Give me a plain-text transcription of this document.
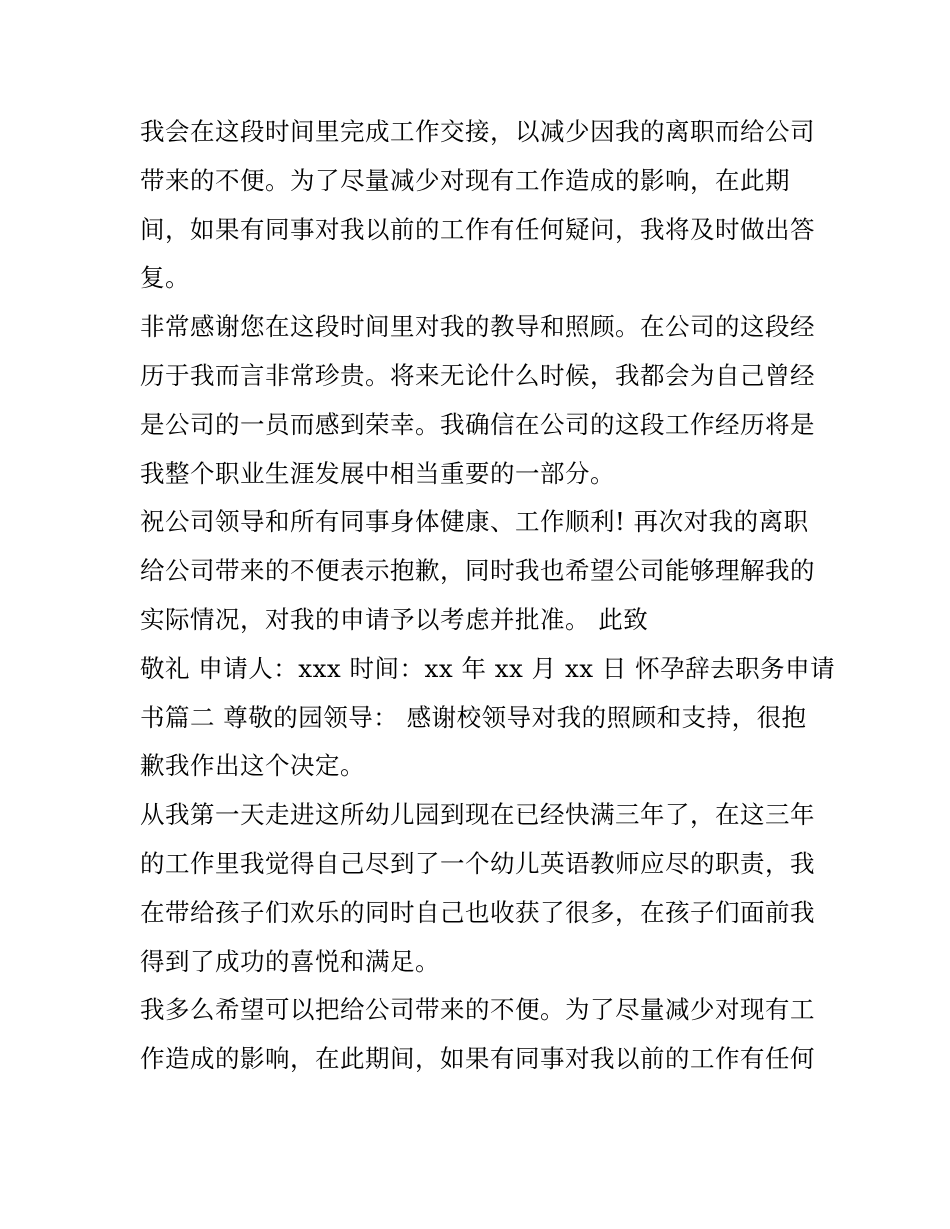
我会在这段时间里完成工作交接，以减少因我的离职而给公司
带来的不便。为了尽量减少对现有工作造成的影响，在此期
间，如果有同事对我以前的工作有任何疑问，我将及时做出答
复。
非常感谢您在这段时间里对我的教导和照顾。在公司的这段经
历于我而言非常珍贵。将来无论什么时候，我都会为自己曾经
是公司的一员而感到荣幸。我确信在公司的这段工作经历将是
我整个职业生涯发展中相当重要的一部分。
祝公司领导和所有同事身体健康、工作顺利! 再次对我的离职
给公司带来的不便表示抱歉，同时我也希望公司能够理解我的
实际情况，对我的申请予以考虑并批准。 此致
敬礼 申请人：xxx 时间：xx 年 xx 月 xx 日 怀孕辞去职务申请
书篇二 尊敬的园领导： 感谢校领导对我的照顾和支持，很抱
歉我作出这个决定。
从我第一天走进这所幼儿园到现在已经快满三年了，在这三年
的工作里我觉得自己尽到了一个幼儿英语教师应尽的职责，我
在带给孩子们欢乐的同时自己也收获了很多，在孩子们面前我
得到了成功的喜悦和满足。
我多么希望可以把给公司带来的不便。为了尽量减少对现有工
作造成的影响，在此期间，如果有同事对我以前的工作有任何
